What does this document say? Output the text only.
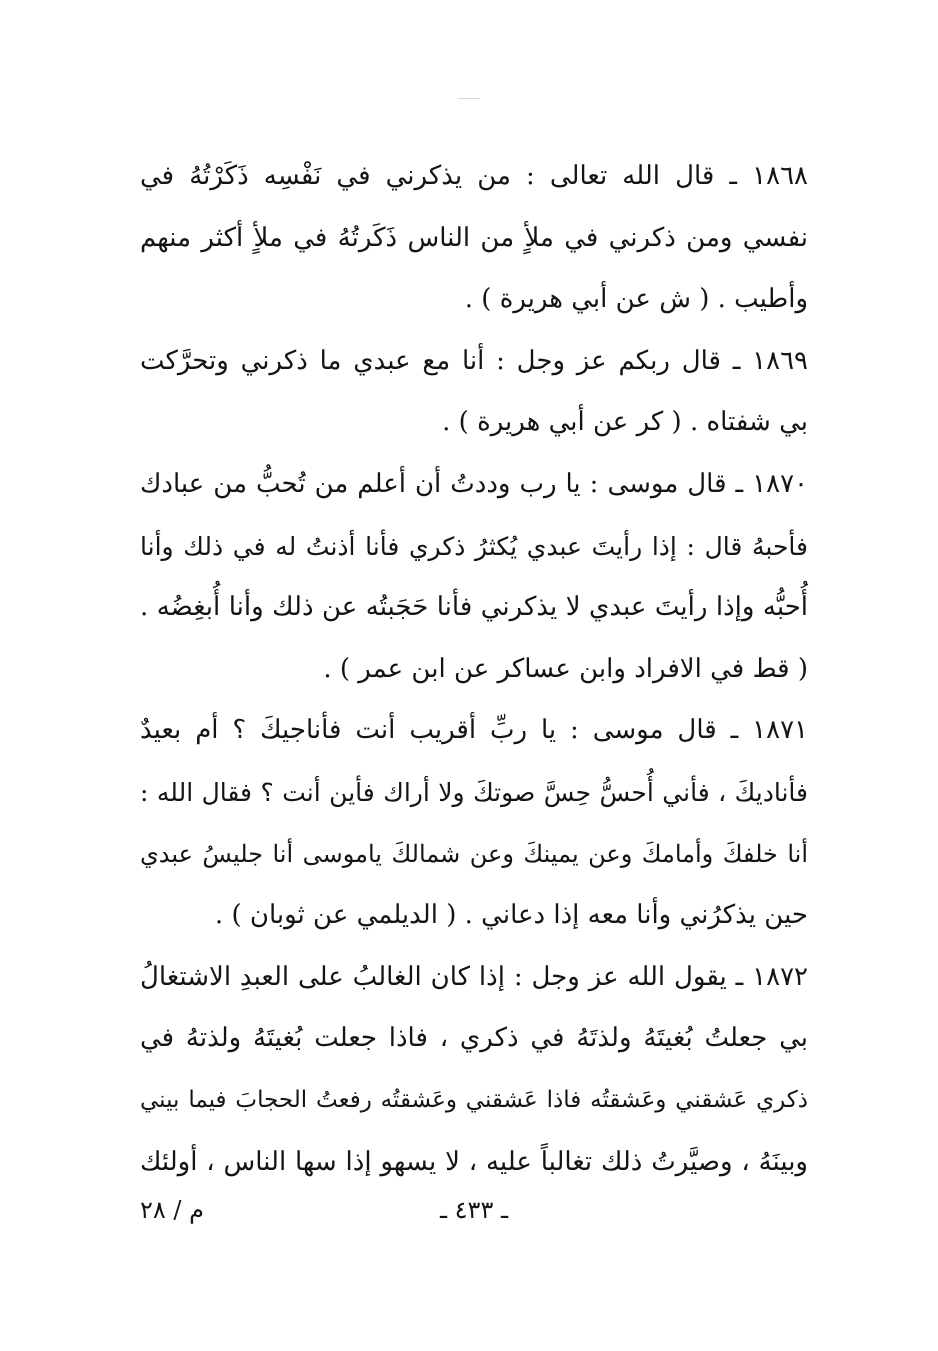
١٨٦٨ ـ قال الله تعالى : من يذكرني في نَفْسِه ذَكَرْتُهُ في
نفسي ومن ذكرني في ملأٍ من الناس ذَكَرتُهُ في ملأٍ أكثر منهم
وأطيب . ( ش عن أبي هريرة ) .
١٨٦٩ ـ قال ربكم عز وجل : أنا مع عبدي ما ذكرني وتحرَّكت
بي شفتاه . ( كر عن أبي هريرة ) .
١٨٧٠ ـ قال موسى : يا رب وددتُ أن أعلم من تُحبُّ من عبادك
فأحبهُ قال : إذا رأيتَ عبدي يُكثرُ ذكري فأنا أذنتُ له في ذلك وأنا
أُحبُّه وإذا رأيتَ عبدي لا يذكرني فأنا حَجَبتُه عن ذلك وأنا أُبغِضُه .
( قط في الافراد وابن عساكر عن ابن عمر ) .
١٨٧١ ـ قال موسى : يا ربِّ أقريب أنت فأناجيكَ ؟ أم بعيدٌ
فأناديكَ ، فأني أُحسُّ حِسَّ صوتكَ ولا أراك فأين أنت ؟ فقال الله :
أنا خلفكَ وأمامكَ وعن يمينكَ وعن شمالكَ ياموسى أنا جليسُ عبدي
حين يذكرُني وأنا معه إذا دعاني . ( الديلمي عن ثوبان ) .
١٨٧٢ ـ يقول الله عز وجل : إذا كان الغالبُ على العبدِ الاشتغالُ
بي جعلتُ بُغيتَهُ ولذتَهُ في ذكري ، فاذا جعلت بُغيتَهُ ولذتهُ في
ذكري عَشقني وعَشقتُه فاذا عَشقني وعَشقتُه رفعتُ الحجابَ فيما بيني
وبينَهُ ، وصيَّرتُ ذلك تغالباً عليه ، لا يسهو إذا سها الناس ، أولئك
ـ ٤٣٣ ـ
م / ٢٨
